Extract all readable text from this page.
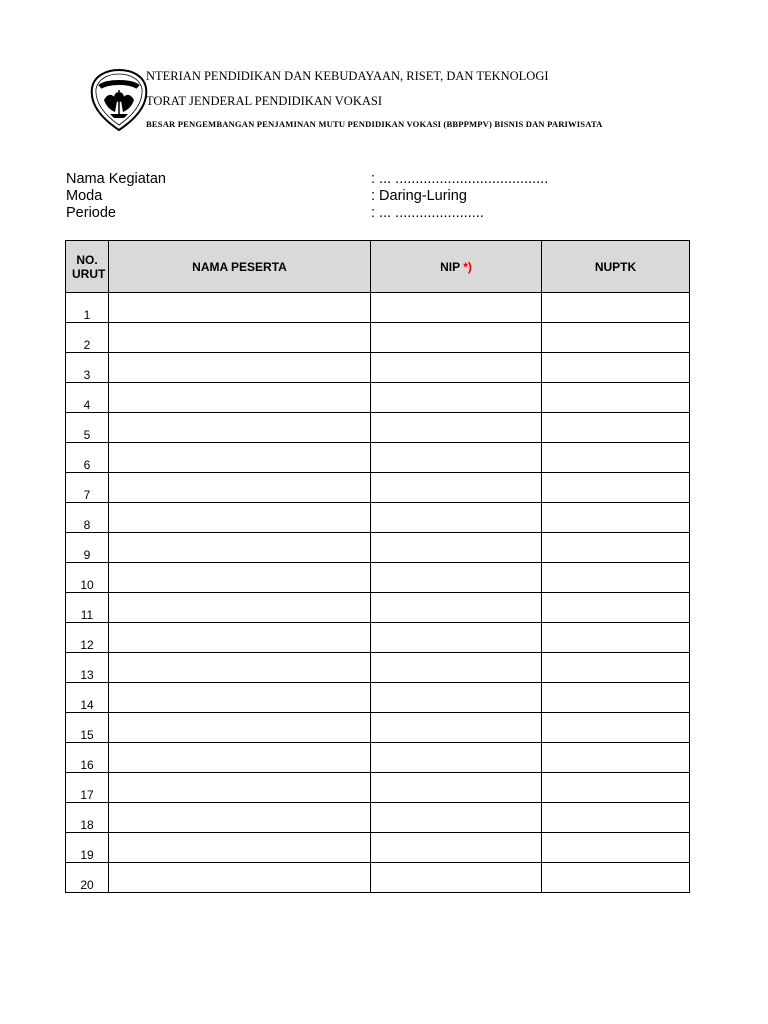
NTERIAN PENDIDIKAN DAN KEBUDAYAAN, RISET, DAN TEKNOLOGI
TORAT JENDERAL PENDIDIKAN VOKASI
BESAR PENGEMBANGAN PENJAMINAN MUTU PENDIDIKAN VOKASI (BBPPMPV) BISNIS DAN PARIWISATA
Nama Kegiatan	: ... ......................................
Moda	: Daring-Luring
Periode	: ... ......................
NO. URUT	NAMA PESERTA	NIP *)	NUPTK
1			
2			
3			
4			
5			
6			
7			
8			
9			
10			
11			
12			
13			
14			
15			
16			
17			
18			
19			
20			
